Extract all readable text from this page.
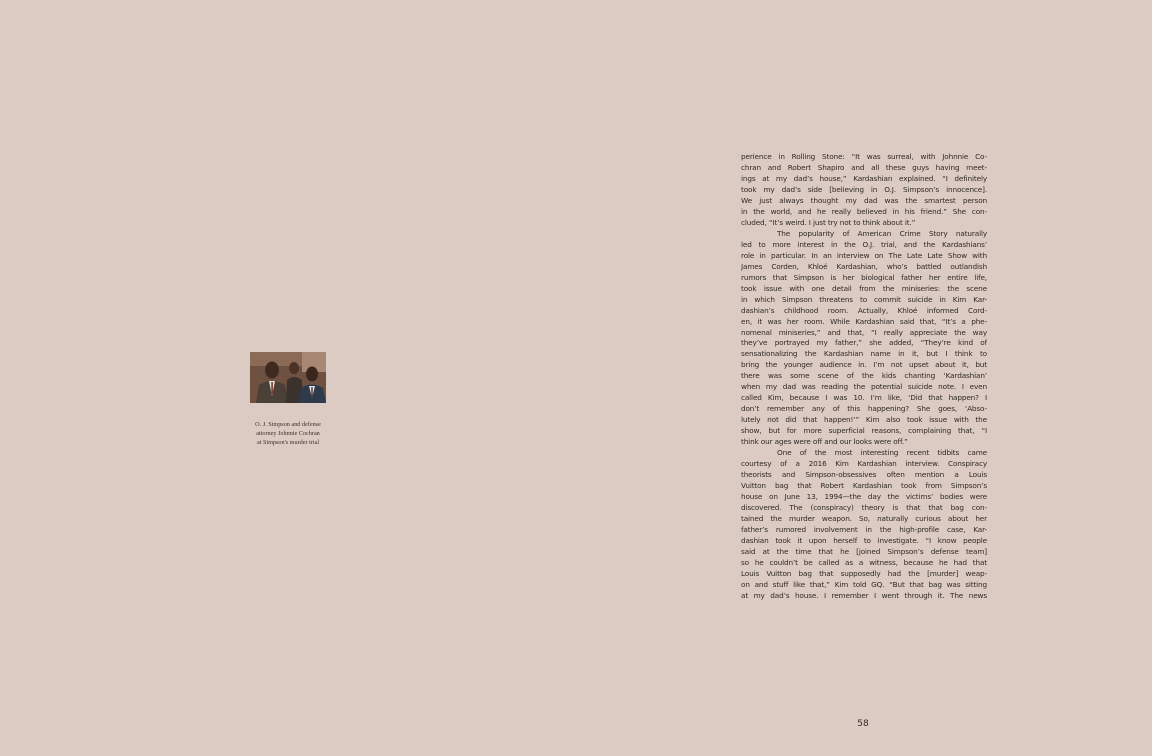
O. J. Simpson and defense
attorney Johnnie Cochran
at Simpson's murder trial
perience in Rolling Stone: “It was surreal, with Johnnie Co-
chran and Robert Shapiro and all these guys having meet-
ings at my dad’s house,” Kardashian explained. “I definitely
took my dad’s side [believing in O.J. Simpson’s innocence].
We just always thought my dad was the smartest person
in the world, and he really believed in his friend.” She con-
cluded, “It’s weird. I just try not to think about it.”
The popularity of American Crime Story naturally
led to more interest in the O.J. trial, and the Kardashians’
role in particular. In an interview on The Late Late Show with
James Corden, Khloé Kardashian, who’s battled outlandish
rumors that Simpson is her biological father her entire life,
took issue with one detail from the miniseries: the scene
in which Simpson threatens to commit suicide in Kim Kar-
dashian’s childhood room. Actually, Khloé informed Cord-
en, it was her room. While Kardashian said that, “It’s a phe-
nomenal miniseries,” and that, “I really appreciate the way
they’ve portrayed my father,” she added, “They’re kind of
sensationalizing the Kardashian name in it, but I think to
bring the younger audience in. I’m not upset about it, but
there was some scene of the kids chanting ‘Kardashian’
when my dad was reading the potential suicide note. I even
called Kim, because I was 10. I’m like, ‘Did that happen? I
don’t remember any of this happening? She goes, ‘Abso-
lutely not did that happen!’” Kim also took issue with the
show, but for more superficial reasons, complaining that, “I
think our ages were off and our looks were off.”
One of the most interesting recent tidbits came
courtesy of a 2016 Kim Kardashian interview. Conspiracy
theorists and Simpson-obsessives often mention a Louis
Vuitton bag that Robert Kardashian took from Simpson’s
house on June 13, 1994—the day the victims’ bodies were
discovered. The (conspiracy) theory is that that bag con-
tained the murder weapon. So, naturally curious about her
father’s rumored involvement in the high-profile case, Kar-
dashian took it upon herself to investigate. “I know people
said at the time that he [joined Simpson’s defense team]
so he couldn’t be called as a witness, because he had that
Louis Vuitton bag that supposedly had the [murder] weap-
on and stuff like that,” Kim told GQ. “But that bag was sitting
at my dad’s house. I remember I went through it. The news
58
